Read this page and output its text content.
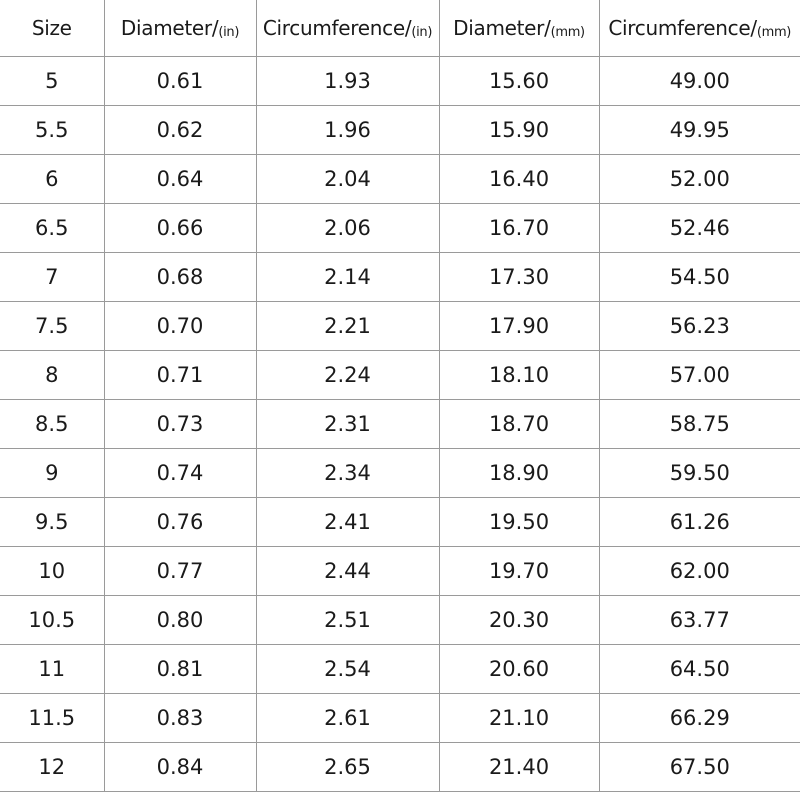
Size	Diameter/(in)	Circumference/(in)	Diameter/(mm)	Circumference/(mm)
5	0.61	1.93	15.60	49.00
5.5	0.62	1.96	15.90	49.95
6	0.64	2.04	16.40	52.00
6.5	0.66	2.06	16.70	52.46
7	0.68	2.14	17.30	54.50
7.5	0.70	2.21	17.90	56.23
8	0.71	2.24	18.10	57.00
8.5	0.73	2.31	18.70	58.75
9	0.74	2.34	18.90	59.50
9.5	0.76	2.41	19.50	61.26
10	0.77	2.44	19.70	62.00
10.5	0.80	2.51	20.30	63.77
11	0.81	2.54	20.60	64.50
11.5	0.83	2.61	21.10	66.29
12	0.84	2.65	21.40	67.50
